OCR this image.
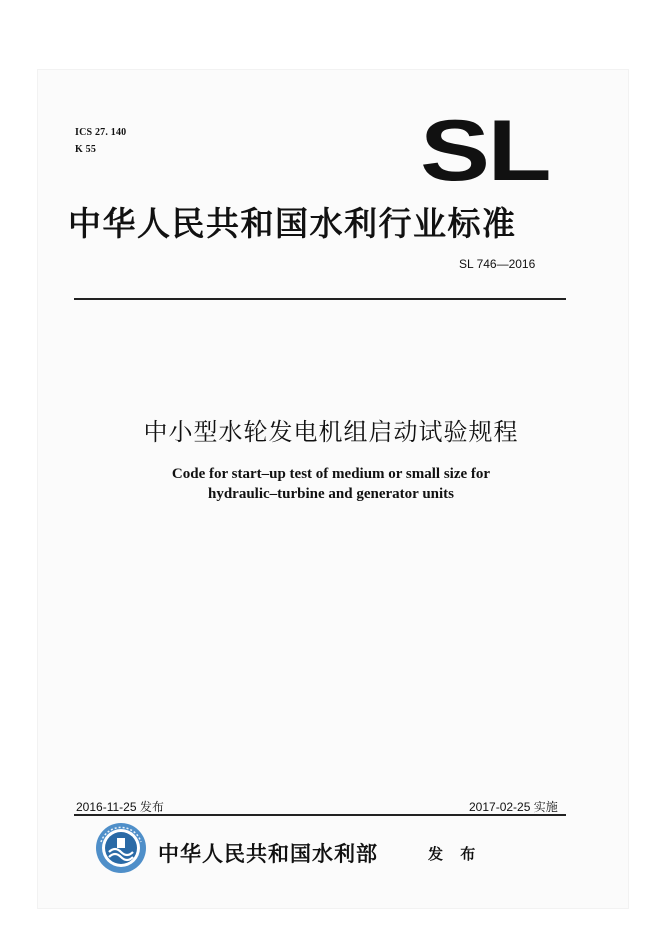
ICS 27. 140
K 55	SL
中华人民共和国水利行业标准
SL 746—2016
中小型水轮发电机组启动试验规程
Code for start–up test of medium or small size for
hydraulic–turbine and generator units
2016-11-25 发布	2017-02-25 实施
中华人民共和国水利部	发 布
